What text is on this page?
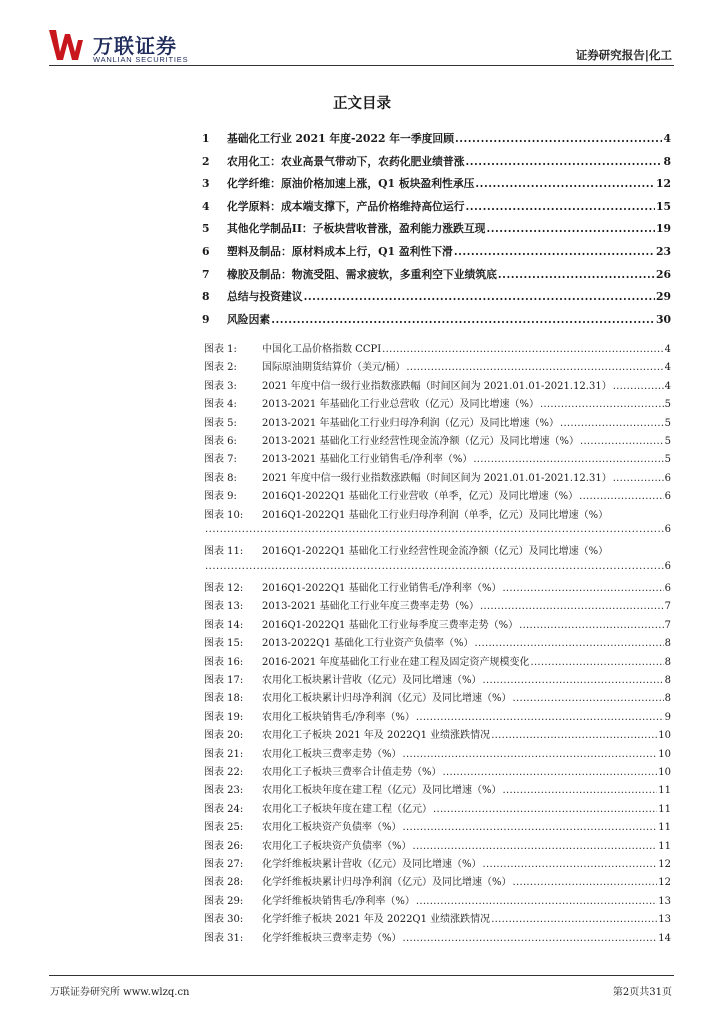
万联证券
WANLIAN SECURITIES	证券研究报告|化工
正文目录
1	基础化工行业 2021 年度-2022 年一季度回顾 .....	4
2	农用化工：农业高景气带动下，农药化肥业绩普涨 .....	8
3	化学纤维：原油价格加速上涨，Q1 板块盈利性承压 .....	12
4	化学原料：成本端支撑下，产品价格维持高位运行 .....	15
5	其他化学制品II：子板块营收普涨，盈利能力涨跌互现 .....	19
6	塑料及制品：原材料成本上行，Q1 盈利性下滑 .....	23
7	橡胶及制品：物流受阻、需求疲软，多重利空下业绩筑底 .....	26
8	总结与投资建议 .....	29
9	风险因素 .....	30
图表 1:	中国化工品价格指数 CCPI .....	4
图表 2:	国际原油期货结算价（美元/桶） .....	4
图表 3:	2021 年度中信一级行业指数涨跌幅（时间区间为 2021.01.01-2021.12.31） .....	4
图表 4:	2013-2021 年基础化工行业总营收（亿元）及同比增速（%） .....	5
图表 5:	2013-2021 年基础化工行业归母净利润（亿元）及同比增速（%） .....	5
图表 6:	2013-2021 基础化工行业经营性现金流净额（亿元）及同比增速（%） .....	5
图表 7:	2013-2021 基础化工行业销售毛/净利率（%） .....	5
图表 8:	2021 年度中信一级行业指数涨跌幅（时间区间为 2021.01.01-2021.12.31） .....	6
图表 9:	2016Q1-2022Q1 基础化工行业营收（单季，亿元）及同比增速（%） .....	6
图表 10:	2016Q1-2022Q1 基础化工行业归母净利润（单季，亿元）及同比增速（%）
.....
6
图表 11:	2016Q1-2022Q1 基础化工行业经营性现金流净额（亿元）及同比增速（%）
.....
6
图表 12:	2016Q1-2022Q1 基础化工行业销售毛/净利率（%） .....	6
图表 13:	2013-2021 基础化工行业年度三费率走势（%） .....	7
图表 14:	2016Q1-2022Q1 基础化工行业每季度三费率走势（%） .....	7
图表 15:	2013-2022Q1 基础化工行业资产负债率（%） .....	8
图表 16:	2016-2021 年度基础化工行业在建工程及固定资产规模变化 .....	8
图表 17:	农用化工板块累计营收（亿元）及同比增速（%） .....	8
图表 18:	农用化工板块累计归母净利润（亿元）及同比增速（%） .....	8
图表 19:	农用化工板块销售毛/净利率（%） .....	9
图表 20:	农用化工子板块 2021 年及 2022Q1 业绩涨跌情况 .....	10
图表 21:	农用化工板块三费率走势（%） .....	10
图表 22:	农用化工子板块三费率合计值走势（%） .....	10
图表 23:	农用化工板块年度在建工程（亿元）及同比增速（%） .....	11
图表 24:	农用化工子板块年度在建工程（亿元） .....	11
图表 25:	农用化工板块资产负债率（%） .....	11
图表 26:	农用化工子板块资产负债率（%） .....	11
图表 27:	化学纤维板块累计营收（亿元）及同比增速（%） .....	12
图表 28:	化学纤维板块累计归母净利润（亿元）及同比增速（%） .....	12
图表 29:	化学纤维板块销售毛/净利率（%） .....	13
图表 30:	化学纤维子板块 2021 年及 2022Q1 业绩涨跌情况 .....	13
图表 31:	化学纤维板块三费率走势（%） .....	14
万联证券研究所 www.wlzq.cn	第2页共31页
